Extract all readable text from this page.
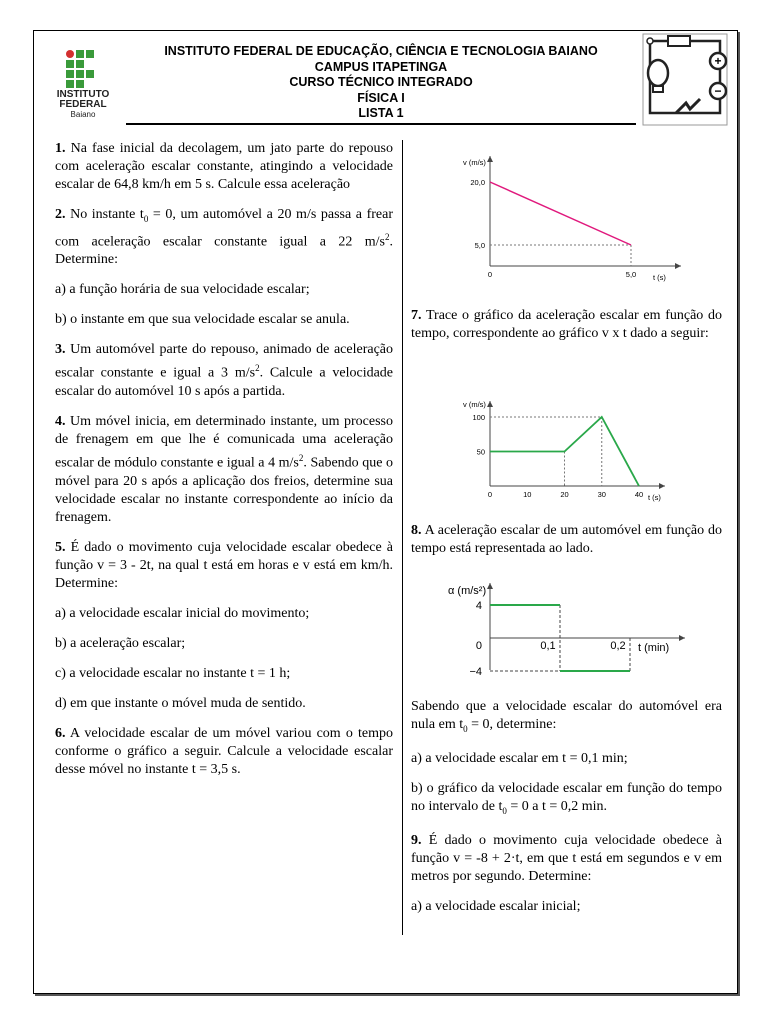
INSTITUTO
FEDERAL
Baiano
INSTITUTO FEDERAL DE EDUCAÇÃO, CIÊNCIA E TECNOLOGIA BAIANO
CAMPUS ITAPETINGA
CURSO TÉCNICO INTEGRADO
FÍSICA I
LISTA 1
+
−

1. Na fase inicial da decolagem, um jato parte do repouso com aceleração escalar constante, atingindo a velocidade escalar de 64,8 km/h em 5 s. Calcule essa aceleração

2. No instante $t_0 = 0$, um automóvel a 20 m/s passa a frear com aceleração escalar constante igual a 22 $m/s^2$. Determine:

a) a função horária de sua velocidade escalar;

b) o instante em que sua velocidade escalar se anula.

3. Um automóvel parte do repouso, animado de aceleração escalar constante e igual a 3 $m/s^2$. Calcule a velocidade escalar do automóvel 10 s após a partida.

4. Um móvel inicia, em determinado instante, um processo de frenagem em que lhe é comunicada uma aceleração escalar de módulo constante e igual a 4 $m/s^2$. Sabendo que o móvel para 20 s após a aplicação dos freios, determine sua velocidade escalar no instante correspondente ao início da frenagem.

5. É dado o movimento cuja velocidade escalar obedece à função v = 3 - 2t, na qual t está em horas e v está em km/h. Determine:

a) a velocidade escalar inicial do movimento;

b) a aceleração escalar;

c) a velocidade escalar no instante t = 1 h;

d) em que instante o móvel muda de sentido.

6. A velocidade escalar de um móvel variou com o tempo conforme o gráfico a seguir. Calcule a velocidade escalar desse móvel no instante t = 3,5 s.

v (m/s)
t (s)
20,0
5,0
0	5,0

7. Trace o gráfico da aceleração escalar em função do tempo, correspondente ao gráfico v x t dado a seguir:

v (m/s)
t (s)
100
50
0	10	20	30	40

8. A aceleração escalar de um automóvel em função do tempo está representada ao lado.

α (m/s²)
t (min)
4
0
−4
0,1	0,2

Sabendo que a velocidade escalar do automóvel era nula em $t_0 = 0$, determine:

a) a velocidade escalar em t = 0,1 min;

b) o gráfico da velocidade escalar em função do tempo no intervalo de $t_0 = 0$ a t = 0,2 min.

9. É dado o movimento cuja velocidade obedece à função v = -8 + 2·t, em que t está em segundos e v em metros por segundo. Determine:

a) a velocidade escalar inicial;
